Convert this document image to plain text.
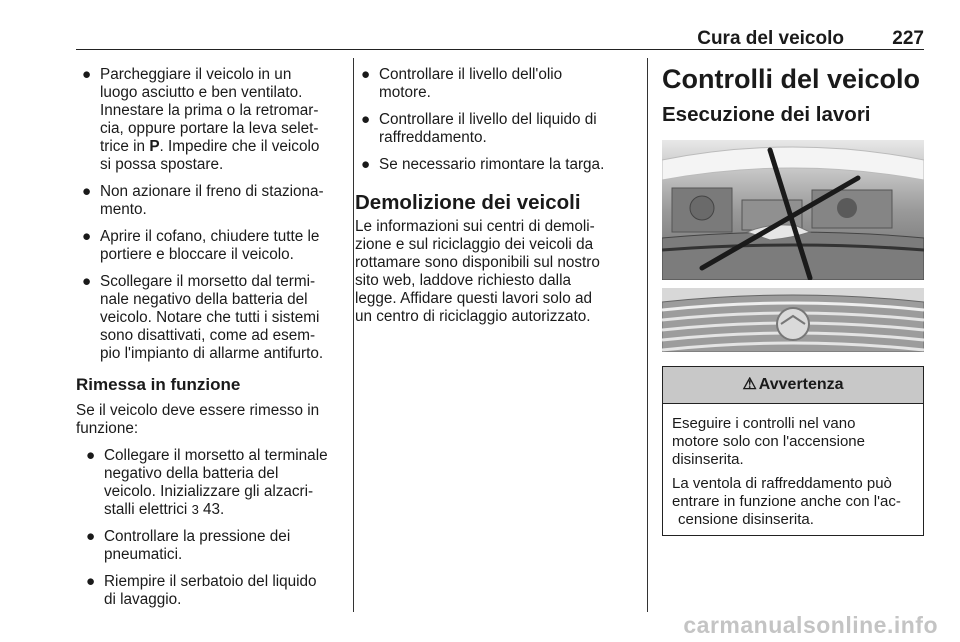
Cura del veicolo	227
● Parcheggiare il veicolo in un
luogo asciutto e ben ventilato.
Innestare la prima o la retromar-
cia, oppure portare la leva selet-
trice in P. Impedire che il veicolo
si possa spostare.
● Non azionare il freno di staziona-
mento.
● Aprire il cofano, chiudere tutte le
portiere e bloccare il veicolo.
● Scollegare il morsetto dal termi-
nale negativo della batteria del
veicolo. Notare che tutti i sistemi
sono disattivati, come ad esem-
pio l'impianto di allarme antifurto.
Rimessa in funzione

Se il veicolo deve essere rimesso in
funzione:

● Collegare il morsetto al terminale
negativo della batteria del
veicolo. Inizializzare gli alzacri-
stalli elettrici 3 43.
● Controllare la pressione dei
pneumatici.
● Riempire il serbatoio del liquido
di lavaggio.
● Controllare il livello dell'olio
motore.
● Controllare il livello del liquido di
raffreddamento.
● Se necessario rimontare la targa.
Demolizione dei veicoli

Le informazioni sui centri di demoli-
zione e sul riciclaggio dei veicoli da
rottamare sono disponibili sul nostro
sito web, laddove richiesto dalla
legge. Affidare questi lavori solo ad
un centro di riciclaggio autorizzato.

Controlli del veicolo
Esecuzione dei lavori
⚠ Avvertenza

Eseguire i controlli nel vano
motore solo con l'accensione
disinserita.

La ventola di raffreddamento può
entrare in funzione anche con l'ac-
censione disinserita.

carmanualsonline.info
